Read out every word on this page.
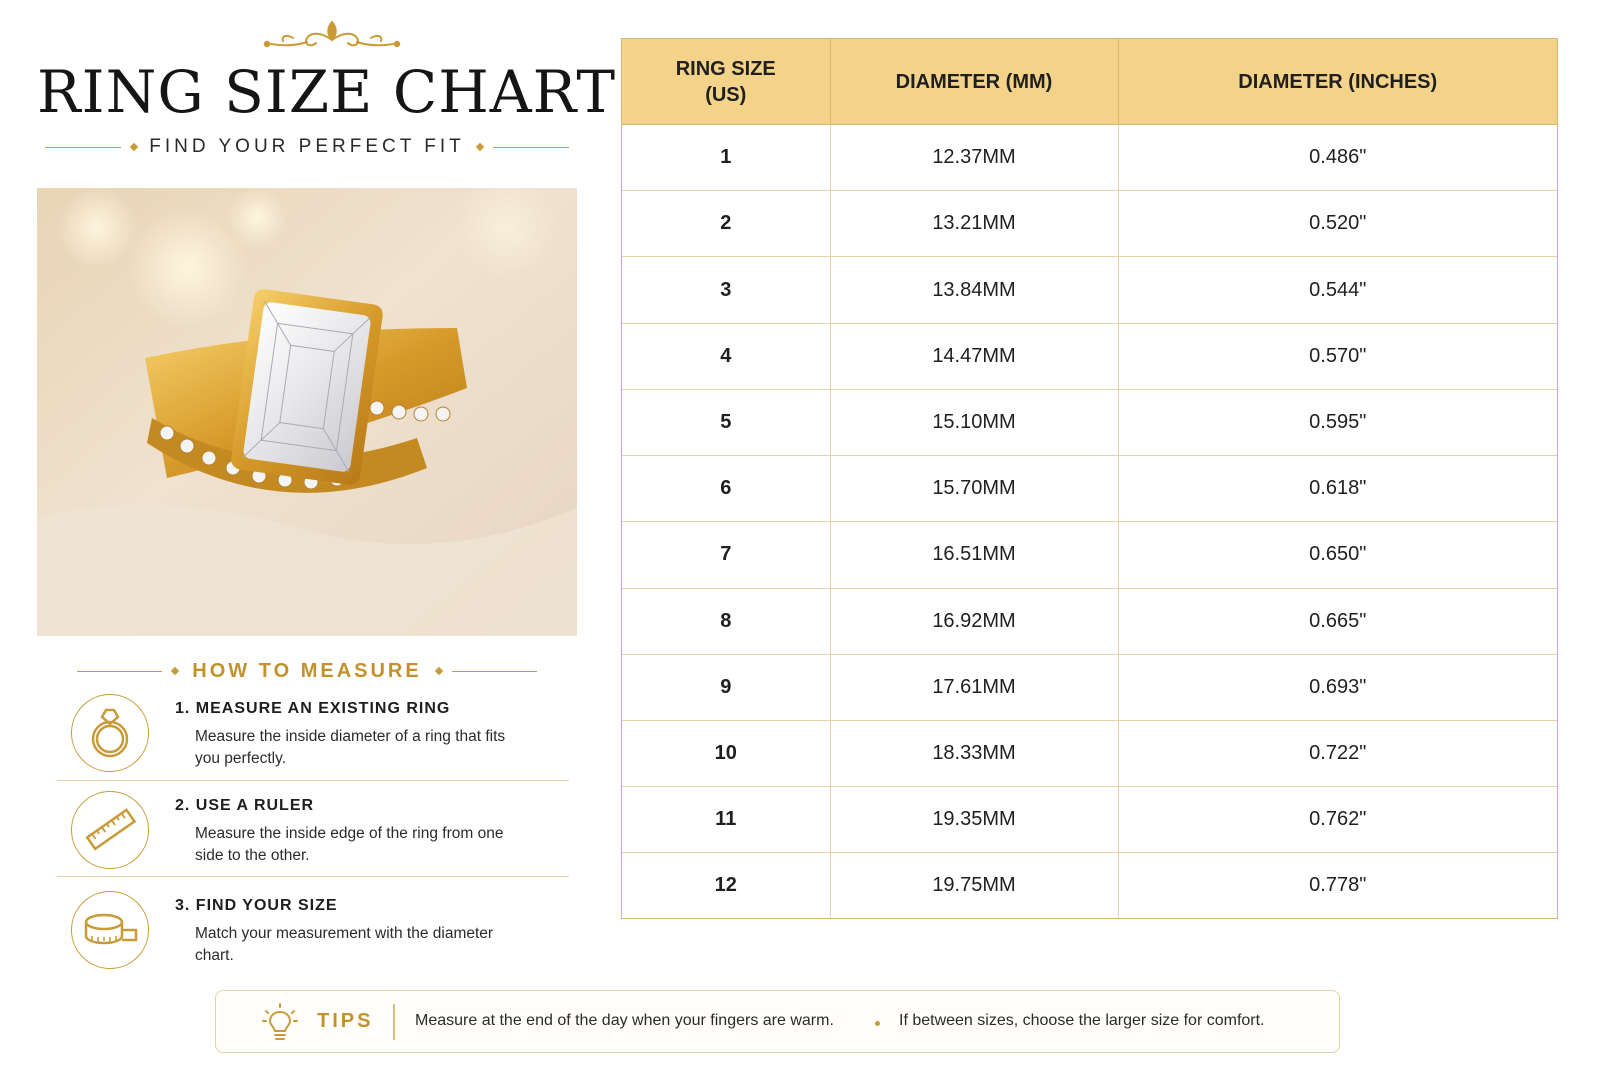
RING SIZE CHART
FIND YOUR PERFECT FIT
HOW TO MEASURE
1. MEASURE AN EXISTING RING
Measure the inside diameter of a ring that fits you perfectly.
2. USE A RULER
Measure the inside edge of the ring from one side to the other.
3. FIND YOUR SIZE
Match your measurement with the diameter chart.
RING SIZE (US)	DIAMETER (MM)	DIAMETER (INCHES)
1	12.37MM	0.486"
2	13.21MM	0.520"
3	13.84MM	0.544"
4	14.47MM	0.570"
5	15.10MM	0.595"
6	15.70MM	0.618"
7	16.51MM	0.650"
8	16.92MM	0.665"
9	17.61MM	0.693"
10	18.33MM	0.722"
11	19.35MM	0.762"
12	19.75MM	0.778"
TIPS	Measure at the end of the day when your fingers are warm.	If between sizes, choose the larger size for comfort.
